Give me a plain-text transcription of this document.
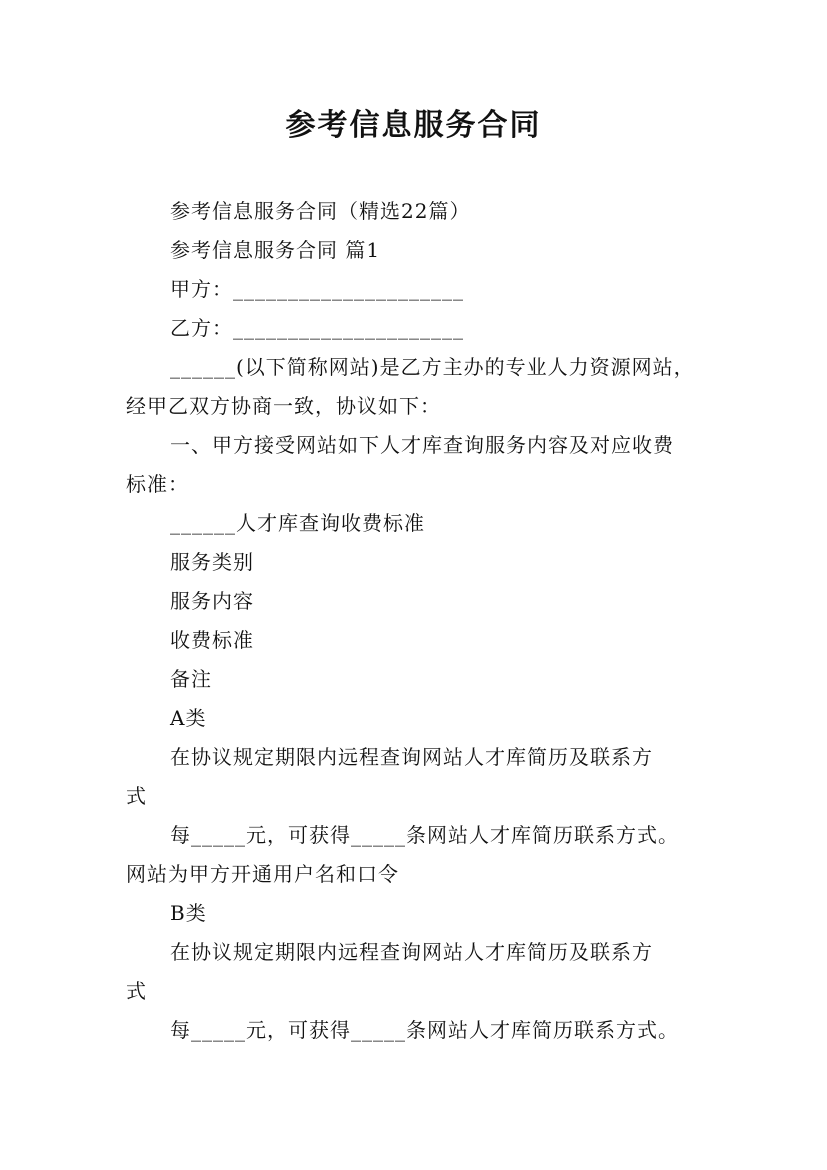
参考信息服务合同
参考信息服务合同（精选22篇）
参考信息服务合同 篇1
甲方：_____________________
乙方：_____________________
______(以下简称网站)是乙方主办的专业人力资源网站，
经甲乙双方协商一致，协议如下：
一、甲方接受网站如下人才库查询服务内容及对应收费
标准：
______人才库查询收费标准
服务类别
服务内容
收费标准
备注
A类
在协议规定期限内远程查询网站人才库简历及联系方
式
每_____元，可获得_____条网站人才库简历联系方式。
网站为甲方开通用户名和口令
B类
在协议规定期限内远程查询网站人才库简历及联系方
式
每_____元，可获得_____条网站人才库简历联系方式。
